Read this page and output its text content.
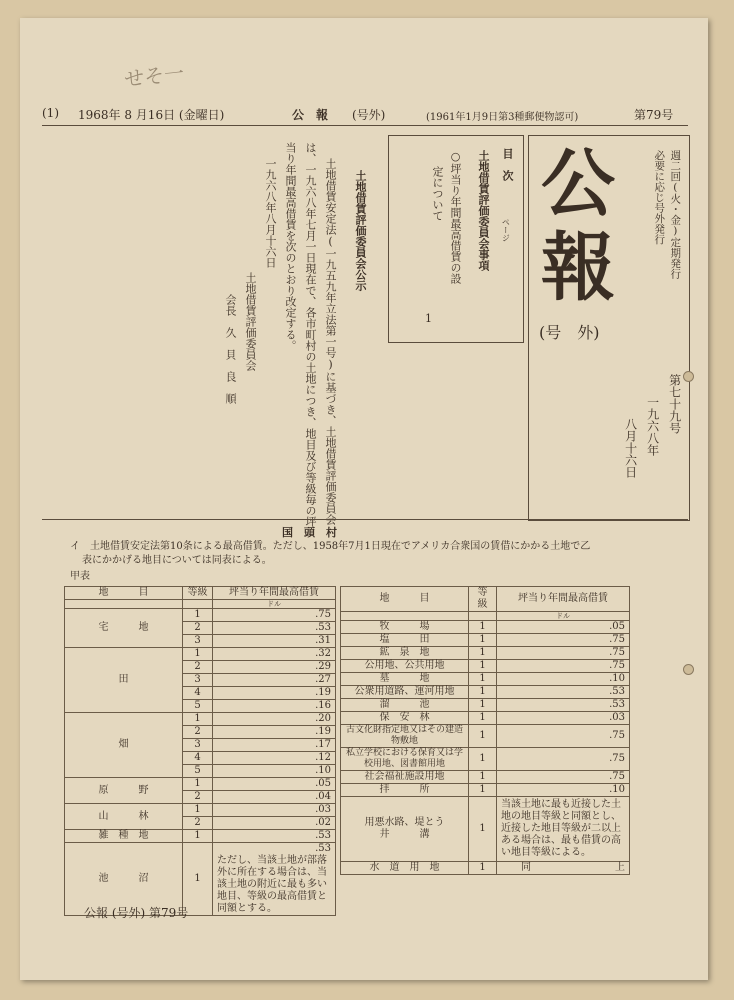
せそ一
(1) 1968年 8 月16日 (金曜日)	公　報 (号外)	(1961年1月9日第3種郵便物認可)	第79号
週二回(火・金)定期発行
必要に応じ号外発行
公
報
(号　外)
第七十九号
一九六八年
八月十六日
目　次
ページ
土地借賃評価委員会事項
○坪当り年間最高借賃の設
定について
1
土地借賃評価委員会公示
土地借賃安定法(一九五九年立法第一号)に基づき、土地借賃評価委員会
は、一九六八年七月一日現在で、各市町村の土地につき、地目及び等級毎の坪
当り年間最高借賃を次のとおり改定する。
一九六八年八月十六日
土地借賃評価委員会
会長　久　貝　良　順
国　頭　村
イ　土地借賃安定法第10条による最高借賃。ただし、1958年7月1日現在でアメリカ合衆国の賃借にかかる土地で乙
表にかかげる地目については同表による。
甲表
地　　　目	等級	坪当り年間最高借賃
		ドル
宅　　　地	1	.75
	2	.53
	3	.31
田	1	.32
	2	.29
	3	.27
	4	.19
	5	.16
畑	1	.20
	2	.19
	3	.17
	4	.12
	5	.10
原　　　野	1	.05
	2	.04
山　　　林	1	.03
	2	.02
雑　種　地	1	.53
池　　　沼	1	.53
ただし、当該土地が部落外に所在する場合は、当該土地の附近に最も多い地目、等級の最高借賃と同額とする。
地　　　目	等級	坪当り年間最高借賃
		ドル
牧　　　場	1	.05
塩　　　田	1	.75
鉱　泉　地	1	.75
公用地、公共用地	1	.75
墓　　　地	1	.10
公衆用道路、運河用地	1	.53
溜　　　池	1	.53
保　安　林	1	.03
古文化財指定地又はその建造物敷地	1	.75
私立学校における保育又は学校用地、図書館用地	1	.75
社会福祉施設用地	1	.75
拝　　　所	1	.10

用悪水路、堤とう
井　　　溝	1	当該土地に最も近接した土地の地目等級と同額とし、近接した地目等級が二以上ある場合は、最も借賃の高い地目等級による。
水　道　用　地	1	同 上
公報 (号外) 第79号
